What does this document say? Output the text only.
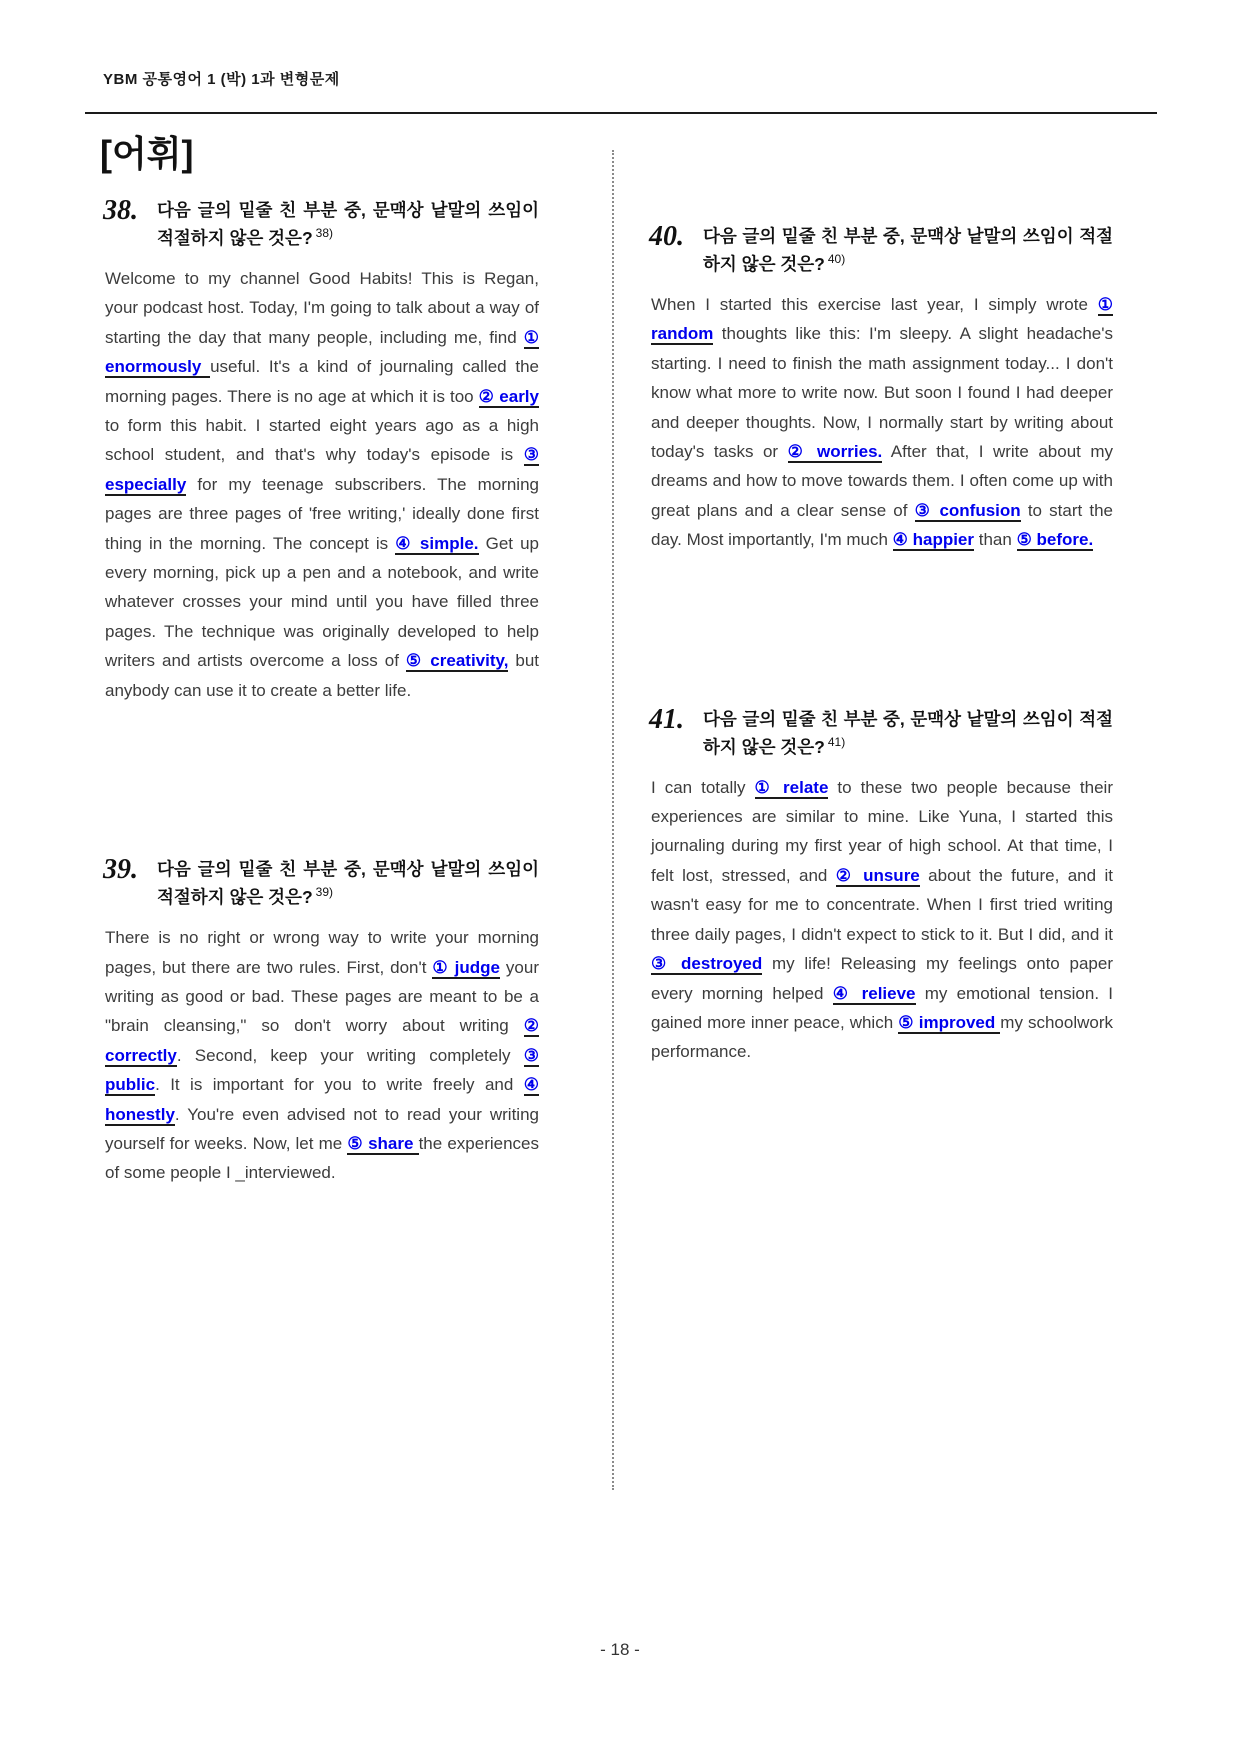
YBM 공통영어 1 (박) 1과 변형문제
[어휘]
38.	다음 글의 밑줄 친 부분 중, 문맥상 낱말의 쓰임이 적절하지 않은 것은? $^{38)}$
Welcome to my channel Good Habits! This is Regan, your podcast host. Today, I'm going to talk about a way of starting the day that many people, including me, find ① enormously useful. It's a kind of journaling called the morning pages. There is no age at which it is too ② early to form this habit. I started eight years ago as a high school student, and that's why today's episode is ③ especially for my teenage subscribers. The morning pages are three pages of 'free writing,' ideally done first thing in the morning. The concept is ④ simple. Get up every morning, pick up a pen and a notebook, and write whatever crosses your mind until you have filled three pages. The technique was originally developed to help writers and artists overcome a loss of ⑤ creativity, but anybody can use it to create a better life.
39.	다음 글의 밑줄 친 부분 중, 문맥상 낱말의 쓰임이 적절하지 않은 것은? $^{39)}$
There is no right or wrong way to write your morning pages, but there are two rules. First, don't ① judge your writing as good or bad. These pages are meant to be a "brain cleansing," so don't worry about writing ② correctly. Second, keep your writing completely ③ public. It is important for you to write freely and ④ honestly. You're even advised not to read your writing yourself for weeks. Now, let me ⑤ share the experiences of some people I _interviewed.
40.	다음 글의 밑줄 친 부분 중, 문맥상 낱말의 쓰임이 적절하지 않은 것은? $^{40)}$
When I started this exercise last year, I simply wrote ① random thoughts like this: I'm sleepy. A slight headache's starting. I need to finish the math assignment today... I don't know what more to write now. But soon I found I had deeper and deeper thoughts. Now, I normally start by writing about today's tasks or ② worries. After that, I write about my dreams and how to move towards them. I often come up with great plans and a clear sense of ③ confusion to start the day. Most importantly, I'm much ④ happier than ⑤ before.
41.	다음 글의 밑줄 친 부분 중, 문맥상 낱말의 쓰임이 적절하지 않은 것은? $^{41)}$
I can totally ① relate to these two people because their experiences are similar to mine. Like Yuna, I started this journaling during my first year of high school. At that time, I felt lost, stressed, and ② unsure about the future, and it wasn't easy for me to concentrate. When I first tried writing three daily pages, I didn't expect to stick to it. But I did, and it ③ destroyed my life! Releasing my feelings onto paper every morning helped ④ relieve my emotional tension. I gained more inner peace, which ⑤ improved my schoolwork performance.
- 18 -
